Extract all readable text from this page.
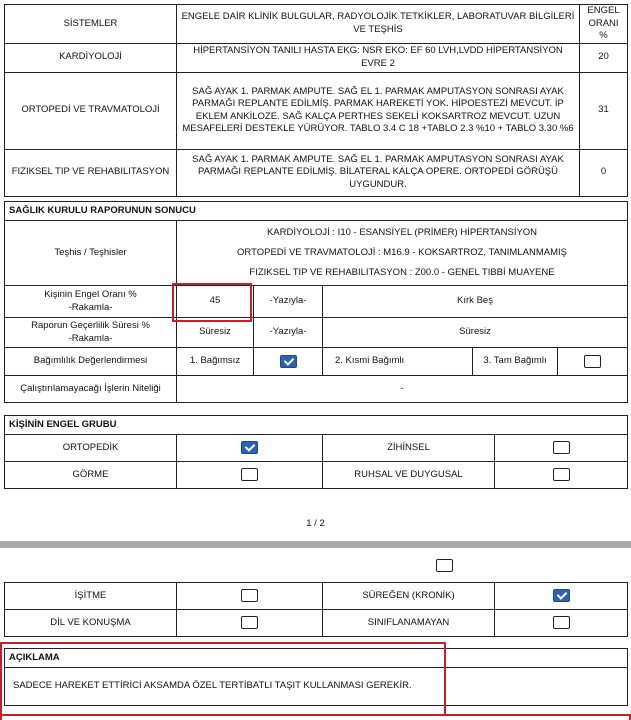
SİSTEMLER	ENGELE DAİR KLİNİK BULGULAR, RADYOLOJİK TETKİKLER, LABORATUVAR BİLGİLERİ VE TEŞHİS	ENGEL ORANI %
KARDİYOLOJİ	HİPERTANSİYON TANILI HASTA EKG: NSR EKO: EF 60 LVH,LVDD HİPERTANSİYON EVRE 2	20
ORTOPEDİ VE TRAVMATOLOJİ	SAĞ AYAK 1. PARMAK AMPUTE. SAĞ EL 1. PARMAK AMPUTASYON SONRASI AYAK PARMAĞI REPLANTE EDİLMİŞ. PARMAK HAREKETİ YOK. HİPOESTEZİ MEVCUT. İP EKLEM ANKİLOZE. SAĞ KALÇA PERTHES SEKELİ KOKSARTROZ MEVCUT. UZUN MESAFELERİ DESTEKLE YÜRÜYOR. TABLO 3.4 C 18 +TABLO 2.3 %10 + TABLO 3.30 %6	31
FIZIKSEL TIP VE REHABILITASYON	SAĞ AYAK 1. PARMAK AMPUTE. SAĞ EL 1. PARMAK AMPUTASYON SONRASI AYAK PARMAĞI REPLANTE EDİLMİŞ. BİLATERAL KALÇA OPERE. ORTOPEDİ GÖRÜŞÜ UYGUNDUR.	0
SAĞLIK KURULU RAPORUNUN SONUCU					
Teşhis / Teşhisler	KARDİYOLOJİ : I10 - ESANSİYEL (PRİMER) HİPERTANSİYON
ORTOPEDİ VE TRAVMATOLOJİ : M16.9 - KOKSARTROZ, TANIMLANMAMIŞ
FIZIKSEL TIP VE REHABILITASYON : Z00.0 - GENEL TIBBİ MUAYENE				

Kişinin Engel Oranı %
-Rakamla-	45	-Yazıyla-	Kırk Beş		

Raporun Geçerlilik Süresi %
-Rakamla-	Süresiz	-Yazıyla-	Süresiz		
Bağımlılık Değerlendirmesi	1. Bağımsız		2. Kısmi Bağımlı	3. Tam Bağımlı	
Çalıştırılamayacağı İşlerin Niteliği	-				
KİŞİNİN ENGEL GRUBU			
ORTOPEDİK		ZİHİNSEL	
GÖRME		RUHSAL VE DUYGUSAL	
1 / 2
İŞİTME		SÜREĞEN (KRONİK)	
DİL VE KONUŞMA		SINIFLANAMAYAN	
AÇIKLAMA
SADECE HAREKET ETTİRİCİ AKSAMDA ÖZEL TERTİBATLI TAŞIT KULLANMASI GEREKİR.
